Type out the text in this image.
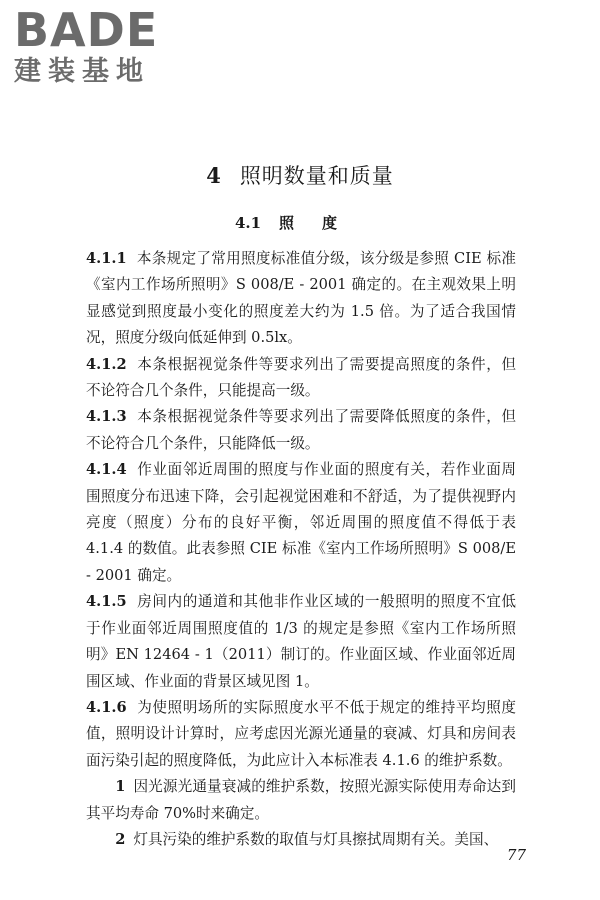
BADE
建装基地
4 照明数量和质量
4.1 照度

4.1.1 本条规定了常用照度标准值分级，该分级是参照 CIE 标准《室内工作场所照明》S 008/E - 2001 确定的。在主观效果上明显感觉到照度最小变化的照度差大约为 1.5 倍。为了适合我国情况，照度分级向低延伸到 0.5lx。

4.1.2 本条根据视觉条件等要求列出了需要提高照度的条件，但不论符合几个条件，只能提高一级。

4.1.3 本条根据视觉条件等要求列出了需要降低照度的条件，但不论符合几个条件，只能降低一级。

4.1.4 作业面邻近周围的照度与作业面的照度有关，若作业面周围照度分布迅速下降，会引起视觉困难和不舒适，为了提供视野内亮度（照度）分布的良好平衡，邻近周围的照度值不得低于表 4.1.4 的数值。此表参照 CIE 标准《室内工作场所照明》S 008/E - 2001 确定。

4.1.5 房间内的通道和其他非作业区域的一般照明的照度不宜低于作业面邻近周围照度值的 1/3 的规定是参照《室内工作场所照明》EN 12464 - 1（2011）制订的。作业面区域、作业面邻近周围区域、作业面的背景区域见图 1。

4.1.6 为使照明场所的实际照度水平不低于规定的维持平均照度值，照明设计计算时，应考虑因光源光通量的衰减、灯具和房间表面污染引起的照度降低，为此应计入本标准表 4.1.6 的维护系数。

1 因光源光通量衰减的维护系数，按照光源实际使用寿命达到其平均寿命 70%时来确定。

2 灯具污染的维护系数的取值与灯具擦拭周期有关。美国、

77
